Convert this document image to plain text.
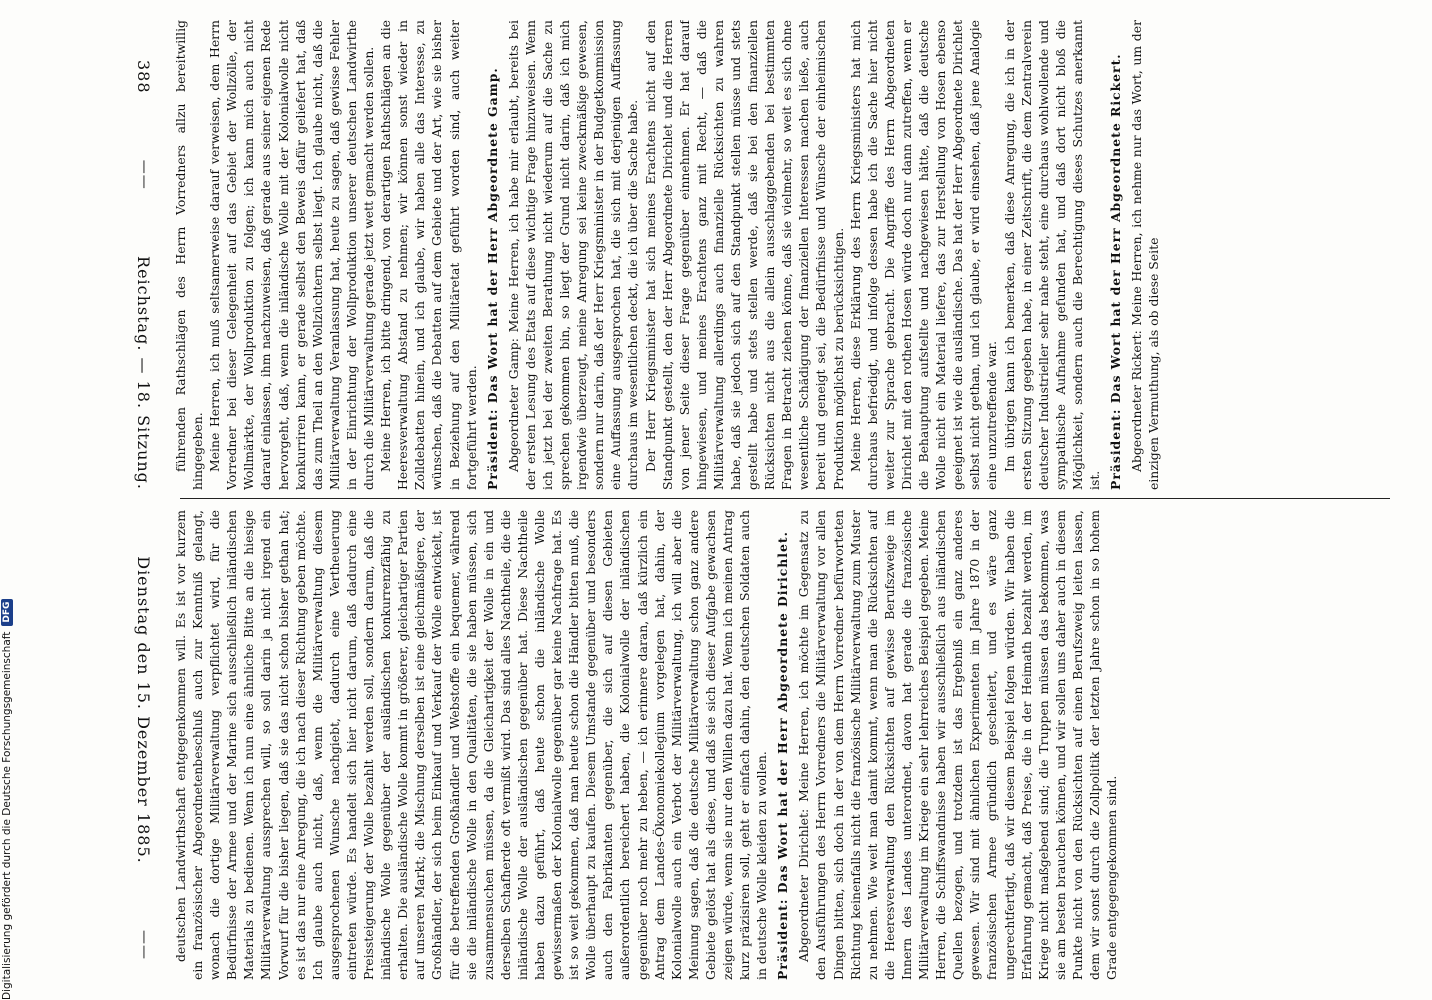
388
——
Reichstag. — 18. Sitzung.
Dienstag den 15. Dezember 1885.
—— deutschen Landwirthschaft entgegenkommen will. Es ist vor kurzem ein französischer Abgeordnetenbeschluß auch zur Kenntniß gelangt, wonach die dortige Militärverwaltung verpflichtet wird, für die Bedürfnisse der Armee und der Marine sich ausschließlich inländischen Materials zu bedienen. Wenn ich nun eine ähnliche Bitte an die hiesige Militärverwaltung aussprechen will, so soll darin ja nicht irgend ein Vorwurf für die bisher liegen, daß sie das nicht schon bisher gethan hat; es ist das nur eine Anregung, die ich nach dieser Richtung geben möchte. Ich glaube auch nicht, daß, wenn die Militärverwaltung diesem ausgesprochenen Wunsche nachgiebt, dadurch eine Vertheuerung eintreten würde. Es handelt sich hier nicht darum, daß dadurch eine Preissteigerung der Wolle bezahlt werden soll, sondern darum, daß die inländische Wolle gegenüber der ausländischen konkurrenzfähig zu erhalten. Die ausländische Wolle kommt in größerer, gleichartiger Partien auf unseren Markt; die Mischung derselben ist eine gleichmäßigere, der Großhändler, der sich beim Einkauf und Verkauf der Wolle entwickelt, ist für die betreffenden Großhändler und Webstoffe ein bequemer, während sie die inländische Wolle in den Qualitäten, die sie haben müssen, sich zusammensuchen müssen, da die Gleichartigkeit der Wolle in ein und derselben Schafherde oft vermißt wird. Das sind alles Nachtheile, die die inländische Wolle der ausländischen gegenüber hat. Diese Nachtheile haben dazu geführt, daß heute schon die inländische Wolle gewissermaßen der Kolonialwolle gegenüber gar keine Nachfrage hat. Es ist so weit gekommen, daß man heute schon die Händler bitten muß, die Wolle überhaupt zu kaufen. Diesem Umstande gegenüber und besonders auch den Fabrikanten gegenüber, die sich auf diesen Gebieten außerordentlich bereichert haben, die Kolonialwolle der inländischen gegenüber noch mehr zu heben, — ich erinnere daran, daß kürzlich ein Antrag dem Landes-Ökonomiekollegium vorgelegen hat, dahin, der Kolonialwolle auch ein Verbot der Militärverwaltung, ich will aber die Meinung sagen, daß die deutsche Militärverwaltung schon ganz andere Gebiete gelöst hat als diese, und daß sie sich dieser Aufgabe gewachsen zeigen würde, wenn sie nur den Willen dazu hat. Wenn ich meinen Antrag kurz präzisiren soll, geht er einfach dahin, den deutschen Soldaten auch in deutsche Wolle kleiden zu wollen. Präsident: Das Wort hat der Herr Abgeordnete Dirichlet. Abgeordneter Dirichlet: Meine Herren, ich möchte im Gegensatz zu den Ausführungen des Herrn Vorredners die Militärverwaltung vor allen Dingen bitten, sich doch in der von dem Herrn Vorredner befürworteten Richtung keinenfalls nicht die französische Militärverwaltung zum Muster zu nehmen. Wie weit man damit kommt, wenn man die Rücksichten auf die Heeresverwaltung den Rücksichten auf gewisse Berufszweige im Innern des Landes unterordnet, davon hat gerade die französische Militärverwaltung im Kriege ein sehr lehrreiches Beispiel gegeben. Meine Herren, die Schiffswandnisse haben wir ausschließlich aus inländischen Quellen bezogen, und trotzdem ist das Ergebniß ein ganz anderes gewesen. Wir sind mit ähnlichen Experimenten im Jahre 1870 in der französischen Armee gründlich gescheitert, und es wäre ganz ungerechtfertigt, daß wir diesem Beispiel folgen würden. Wir haben die Erfahrung gemacht, daß Preise, die in der Heimath bezahlt werden, im Kriege nicht maßgebend sind; die Truppen müssen das bekommen, was sie am besten brauchen können, und wir sollen uns daher auch in diesem Punkte nicht von den Rücksichten auf einen Berufszweig leiten lassen, dem wir sonst durch die Zollpolitik der letzten Jahre schon in so hohem Grade entgegengekommen sind.

führenden Rathschlägen des Herrn Vorredners allzu bereitwillig hingegeben. Meine Herren, ich muß seltsamerweise darauf verweisen, dem Herrn Vorredner bei dieser Gelegenheit auf das Gebiet der Wollzölle, der Wollmärkte, der Wollproduktion zu folgen; ich kann mich auch nicht darauf einlassen, ihm nachzuweisen, daß gerade aus seiner eigenen Rede hervorgeht, daß, wenn die inländische Wolle mit der Kolonialwolle nicht konkurriren kann, er gerade selbst den Beweis dafür geliefert hat, daß das zum Theil an den Wollzüchtern selbst liegt. Ich glaube nicht, daß die Militärverwaltung Veranlassung hat, heute zu sagen, daß gewisse Fehler in der Einrichtung der Wollproduktion unserer deutschen Landwirthe durch die Militärverwaltung gerade jetzt wett gemacht werden sollen. Meine Herren, ich bitte dringend, von derartigen Rathschlägen an die Heeresverwaltung Abstand zu nehmen; wir können sonst wieder in Zolldebatten hinein, und ich glaube, wir haben alle das Interesse, zu wünschen, daß die Debatten auf dem Gebiete und der Art, wie sie bisher in Beziehung auf den Militäretat geführt worden sind, auch weiter fortgeführt werden. Präsident: Das Wort hat der Herr Abgeordnete Gamp. Abgeordneter Gamp: Meine Herren, ich habe mir erlaubt, bereits bei der ersten Lesung des Etats auf diese wichtige Frage hinzuweisen. Wenn ich jetzt bei der zweiten Berathung nicht wiederum auf die Sache zu sprechen gekommen bin, so liegt der Grund nicht darin, daß ich mich irgendwie überzeugt, meine Anregung sei keine zweckmäßige gewesen, sondern nur darin, daß der Herr Kriegsminister in der Budgetkommission eine Auffassung ausgesprochen hat, die sich mit derjenigen Auffassung durchaus im wesentlichen deckt, die ich über die Sache habe. Der Herr Kriegsminister hat sich meines Erachtens nicht auf den Standpunkt gestellt, den der Herr Abgeordnete Dirichlet und die Herren von jener Seite dieser Frage gegenüber einnehmen. Er hat darauf hingewiesen, und meines Erachtens ganz mit Recht, — daß die Militärverwaltung allerdings auch finanzielle Rücksichten zu wahren habe, daß sie jedoch sich auf den Standpunkt stellen müsse und stets gestellt habe und stets stellen werde, daß sie bei den finanziellen Rücksichten nicht aus die allein ausschlaggebenden bei bestimmten Fragen in Betracht ziehen könne, daß sie vielmehr, so weit es sich ohne wesentliche Schädigung der finanziellen Interessen machen ließe, auch bereit und geneigt sei, die Bedürfnisse und Wünsche der einheimischen Produktion möglichst zu berücksichtigen. Meine Herren, diese Erklärung des Herrn Kriegsministers hat mich durchaus befriedigt, und infolge dessen habe ich die Sache hier nicht weiter zur Sprache gebracht. Die Angriffe des Herrn Abgeordneten Dirichlet mit den rothen Hosen würde doch nur dann zutreffen, wenn er die Behauptung aufstellte und nachgewiesen hätte, daß die deutsche Wolle nicht ein Material liefere, das zur Herstellung von Hosen ebenso geeignet ist wie die ausländische. Das hat der Herr Abgeordnete Dirichlet selbst nicht gethan, und ich glaube, er wird einsehen, daß jene Analogie eine unzutreffende war. Im übrigen kann ich bemerken, daß diese Anregung, die ich in der ersten Sitzung gegeben habe, in einer Zeitschrift, die dem Zentralverein deutscher Industrieller sehr nahe steht, eine durchaus wohlwollende und sympathische Aufnahme gefunden hat, und daß dort nicht bloß die Möglichkeit, sondern auch die Berechtigung dieses Schutzes anerkannt ist. Präsident: Das Wort hat der Herr Abgeordnete Rickert. Abgeordneter Rickert: Meine Herren, ich nehme nur das Wort, um der einzigen Vermuthung, als ob diese Seite

Digitalisierung gefördert durch die Deutsche Forschungsgemeinschaft
DFG
